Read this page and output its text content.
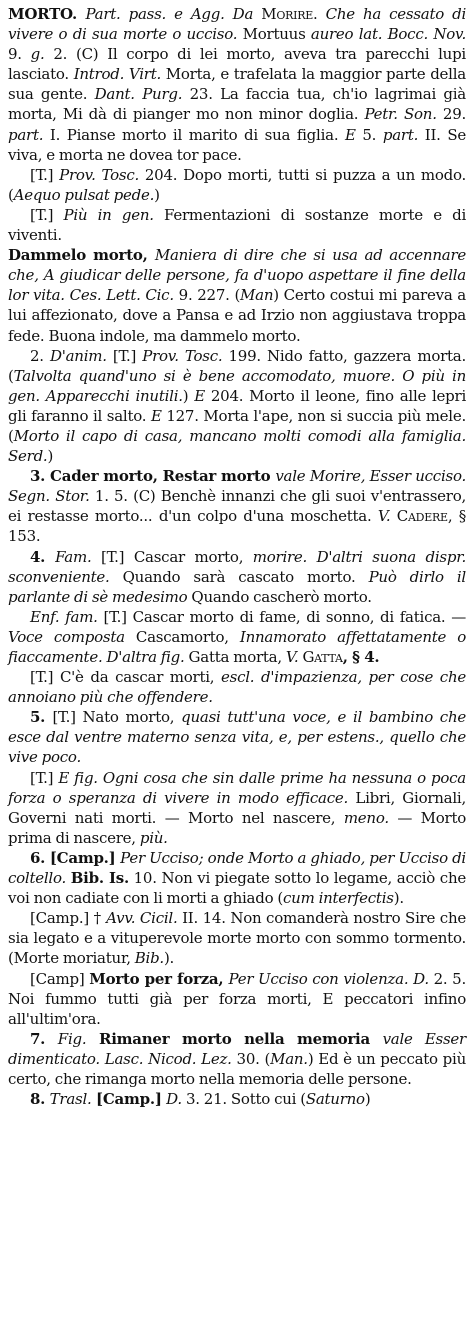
MORTO. Part. pass. e Agg. Da Morire. Che ha cessato di vivere o di sua morte o ucciso. Mortuus aureo lat. Bocc. Nov. 9. g. 2. (C) Il corpo di lei morto, aveva tra parecchi lupi lasciato. Introd. Virt. Morta, e trafelata la maggior parte della sua gente. Dant. Purg. 23. La faccia tua, ch'io lagrimai già morta, Mi dà di pianger mo non minor doglia. Petr. Son. 29. part. I. Pianse morto il marito di sua figlia. E 5. part. II. Se viva, e morta ne dovea tor pace.

[T.] Prov. Tosc. 204. Dopo morti, tutti si puzza a un modo. (Aequo pulsat pede.)

[T.] Più in gen. Fermentazioni di sostanze morte e di viventi.

Dammelo morto, Maniera di dire che si usa ad accennare che, A giudicar delle persone, fa d'uopo aspettare il fine della lor vita. Ces. Lett. Cic. 9. 227. (Man) Certo costui mi pareva a lui affezionato, dove a Pansa e ad Irzio non aggiustava troppa fede. Buona indole, ma dammelo morto.

2. D'anim. [T.] Prov. Tosc. 199. Nido fatto, gazzera morta. (Talvolta quand'uno si è bene accomodato, muore. O più in gen. Apparecchi inutili.) E 204. Morto il leone, fino alle lepri gli faranno il salto. E 127. Morta l'ape, non si succia più mele. (Morto il capo di casa, mancano molti comodi alla famiglia. Serd.)

3. Cader morto, Restar morto vale Morire, Esser ucciso. Segn. Stor. 1. 5. (C) Benchè innanzi che gli suoi v'entrassero, ei restasse morto... d'un colpo d'una moschetta. V. Cadere, § 153.

4. Fam. [T.] Cascar morto, morire. D'altri suona dispr. sconveniente. Quando sarà cascato morto. Può dirlo il parlante di sè medesimo Quando cascherò morto.

Enf. fam. [T.] Cascar morto di fame, di sonno, di fatica. — Voce composta Cascamorto, Innamorato affettatamente o fiaccamente. D'altra fig. Gatta morta, V. Gatta, § 4.

[T.] C'è da cascar morti, escl. d'impazienza, per cose che annoiano più che offendere.

5. [T.] Nato morto, quasi tutt'una voce, e il bambino che esce dal ventre materno senza vita, e, per estens., quello che vive poco.

[T.] E fig. Ogni cosa che sin dalle prime ha nessuna o poca forza o speranza di vivere in modo efficace. Libri, Giornali, Governi nati morti. — Morto nel nascere, meno. — Morto prima di nascere, più.

6. [Camp.] Per Ucciso; onde Morto a ghiado, per Ucciso di coltello. Bib. Is. 10. Non vi piegate sotto lo legame, acciò che voi non cadiate con li morti a ghiado (cum interfectis).

[Camp.] † Avv. Cicil. II. 14. Non comanderà nostro Sire che sia legato e a vituperevole morte morto con sommo tormento. (Morte moriatur, Bib.).

[Camp] Morto per forza, Per Ucciso con violenza. D. 2. 5. Noi fummo tutti già per forza morti, E peccatori infino all'ultim'ora.

7. Fig. Rimaner morto nella memoria vale Esser dimenticato. Lasc. Nicod. Lez. 30. (Man.) Ed è un peccato più certo, che rimanga morto nella memoria delle persone.

8. Trasl. [Camp.] D. 3. 21. Sotto cui (Saturno)
